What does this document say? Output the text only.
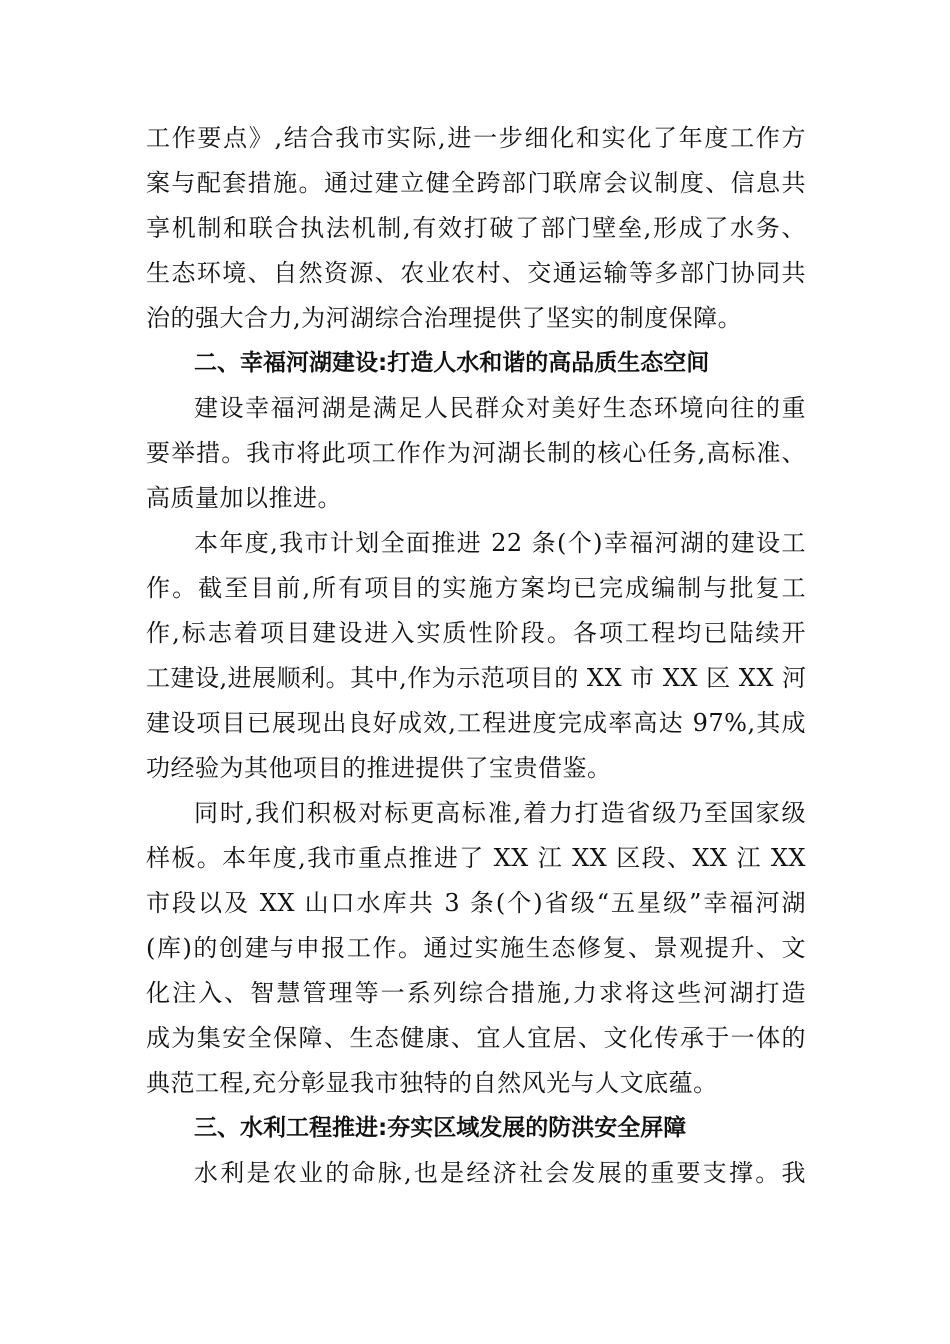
工作要点》,结合我市实际,进一步细化和实化了年度工作方
案与配套措施。通过建立健全跨部门联席会议制度、信息共
享机制和联合执法机制,有效打破了部门壁垒,形成了水务、
生态环境、自然资源、农业农村、交通运输等多部门协同共
治的强大合力,为河湖综合治理提供了坚实的制度保障。
二、幸福河湖建设:打造人水和谐的高品质生态空间
建设幸福河湖是满足人民群众对美好生态环境向往的重
要举措。我市将此项工作作为河湖长制的核心任务,高标准、
高质量加以推进。
本年度,我市计划全面推进 22 条(个)幸福河湖的建设工
作。截至目前,所有项目的实施方案均已完成编制与批复工
作,标志着项目建设进入实质性阶段。各项工程均已陆续开
工建设,进展顺利。其中,作为示范项目的 XX 市 XX 区 XX 河
建设项目已展现出良好成效,工程进度完成率高达 97%,其成
功经验为其他项目的推进提供了宝贵借鉴。
同时,我们积极对标更高标准,着力打造省级乃至国家级
样板。本年度,我市重点推进了 XX 江 XX 区段、XX 江 XX
市段以及 XX 山口水库共 3 条(个)省级“五星级”幸福河湖
(库)的创建与申报工作。通过实施生态修复、景观提升、文
化注入、智慧管理等一系列综合措施,力求将这些河湖打造
成为集安全保障、生态健康、宜人宜居、文化传承于一体的
典范工程,充分彰显我市独特的自然风光与人文底蕴。
三、水利工程推进:夯实区域发展的防洪安全屏障
水利是农业的命脉,也是经济社会发展的重要支撑。我
